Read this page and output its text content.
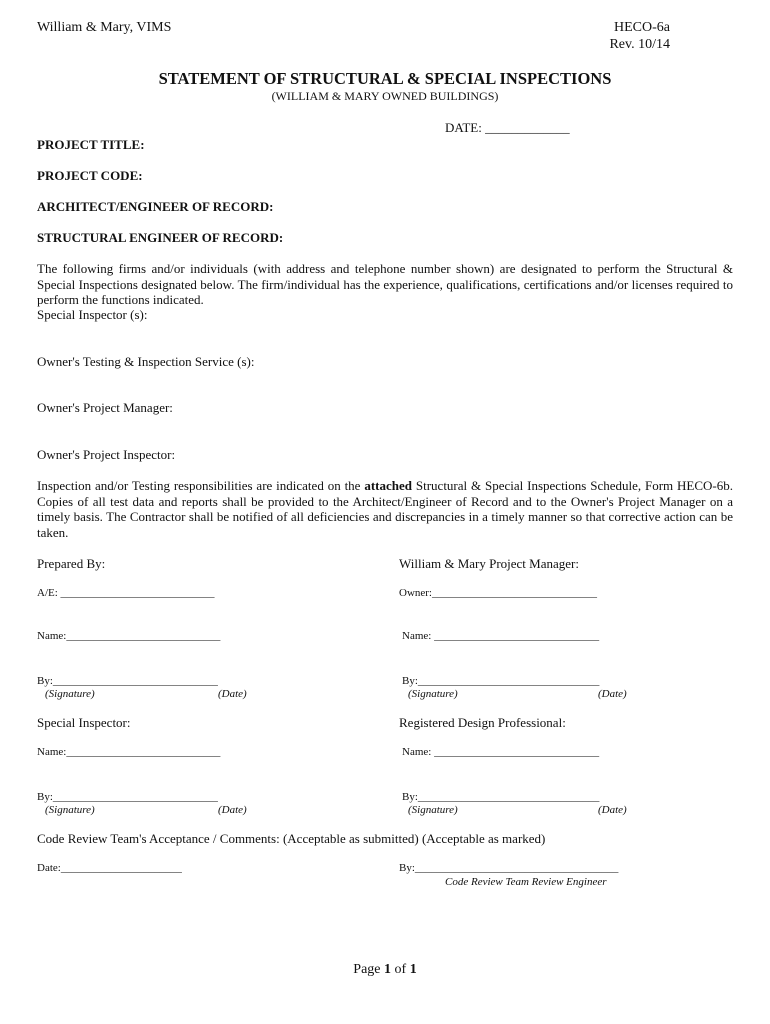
William & Mary, VIMS	HECO-6a
Rev. 10/14
STATEMENT OF STRUCTURAL & SPECIAL INSPECTIONS
(WILLIAM & MARY OWNED BUILDINGS)
DATE: _____________
PROJECT TITLE:
PROJECT CODE:
ARCHITECT/ENGINEER OF RECORD:
STRUCTURAL ENGINEER OF RECORD:
The following firms and/or individuals (with address and telephone number shown) are designated to perform the Structural & Special Inspections designated below. The firm/individual has the experience, qualifications, certifications and/or licenses required to perform the functions indicated.
Special Inspector (s):
Owner's Testing & Inspection Service (s):
Owner's Project Manager:
Owner's Project Inspector:
Inspection and/or Testing responsibilities are indicated on the attached Structural & Special Inspections Schedule, Form HECO-6b. Copies of all test data and reports shall be provided to the Architect/Engineer of Record and to the Owner's Project Manager on a timely basis. The Contractor shall be notified of all deficiencies and discrepancies in a timely manner so that corrective action can be taken.
Prepared By:	William & Mary Project Manager:
A/E: ____________________________	Owner:______________________________
Name:____________________________	Name: ______________________________
By:______________________________	By:_________________________________
(Signature)	(Date)	(Signature)	(Date)
Special Inspector:	Registered Design Professional:
Name:____________________________	Name: ______________________________
By:______________________________	By:_________________________________
(Signature)	(Date)	(Signature)	(Date)
Code Review Team's Acceptance / Comments: (Acceptable as submitted) (Acceptable as marked)
Date:______________________	By:_____________________________________
Code Review Team Review Engineer
Page 1 of 1
